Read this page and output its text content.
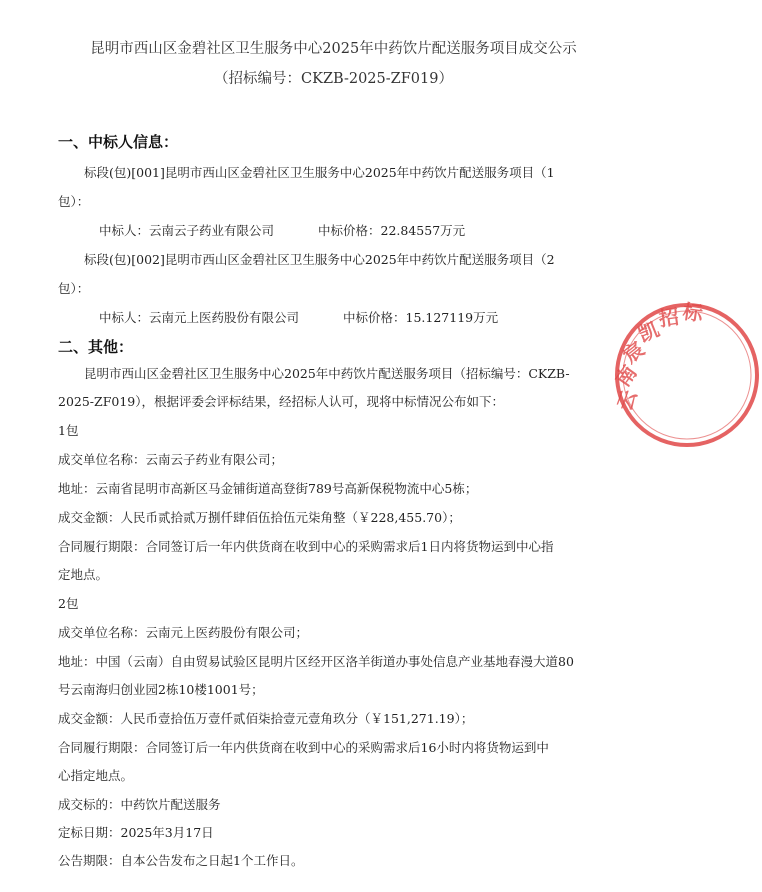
昆明市西山区金碧社区卫生服务中心2025年中药饮片配送服务项目成交公示
（招标编号：CKZB-2025-ZF019）
一、中标人信息：
标段(包)[001]昆明市西山区金碧社区卫生服务中心2025年中药饮片配送服务项目（1
包）：
中标人：云南云子药业有限公司	中标价格：22.84557万元
标段(包)[002]昆明市西山区金碧社区卫生服务中心2025年中药饮片配送服务项目（2
包）：
中标人：云南元上医药股份有限公司	中标价格：15.127119万元
二、其他：
昆明市西山区金碧社区卫生服务中心2025年中药饮片配送服务项目（招标编号：CKZB-
2025-ZF019），根据评委会评标结果，经招标人认可，现将中标情况公布如下：
1包
成交单位名称：云南云子药业有限公司；
地址：云南省昆明市高新区马金铺街道高登街789号高新保税物流中心5栋；
成交金额：人民币贰拾贰万捌仟肆佰伍拾伍元柒角整（￥228,455.70）；
合同履行期限：合同签订后一年内供货商在收到中心的采购需求后1日内将货物运到中心指
定地点。
2包
成交单位名称：云南元上医药股份有限公司；
地址：中国（云南）自由贸易试验区昆明片区经开区洛羊街道办事处信息产业基地春漫大道80
号云南海归创业园2栋10楼1001号；
成交金额：人民币壹拾伍万壹仟贰佰柒拾壹元壹角玖分（￥151,271.19）；
合同履行期限：合同签订后一年内供货商在收到中心的采购需求后16小时内将货物运到中
心指定地点。
成交标的：中药饮片配送服务
定标日期：2025年3月17日
公告期限：自本公告发布之日起1个工作日。
云
南
宸
凯
招 标
